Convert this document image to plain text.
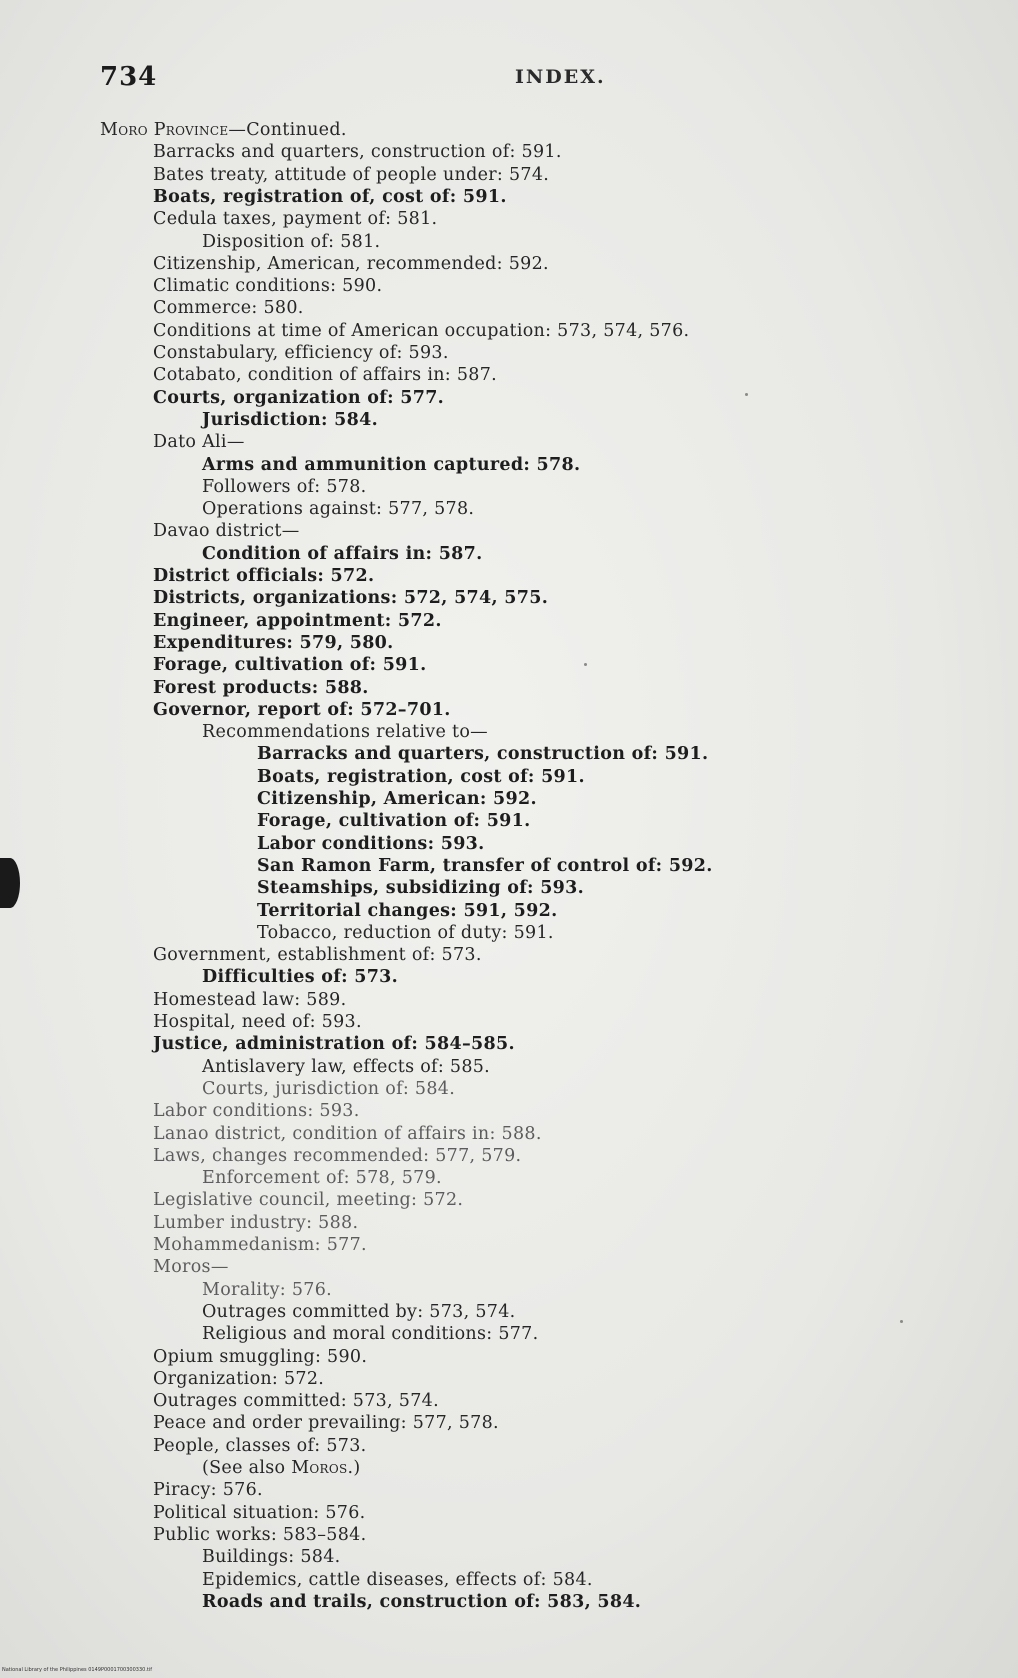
734	INDEX.
Moro Province—Continued.
Barracks and quarters, construction of: 591.
Bates treaty, attitude of people under: 574.
Boats, registration of, cost of: 591.
Cedula taxes, payment of: 581.
Disposition of: 581.
Citizenship, American, recommended: 592.
Climatic conditions: 590.
Commerce: 580.
Conditions at time of American occupation: 573, 574, 576.
Constabulary, efficiency of: 593.
Cotabato, condition of affairs in: 587.
Courts, organization of: 577.
Jurisdiction: 584.
Dato Ali—
Arms and ammunition captured: 578.
Followers of: 578.
Operations against: 577, 578.
Davao district—
Condition of affairs in: 587.
District officials: 572.
Districts, organizations: 572, 574, 575.
Engineer, appointment: 572.
Expenditures: 579, 580.
Forage, cultivation of: 591.
Forest products: 588.
Governor, report of: 572–701.
Recommendations relative to—
Barracks and quarters, construction of: 591.
Boats, registration, cost of: 591.
Citizenship, American: 592.
Forage, cultivation of: 591.
Labor conditions: 593.
San Ramon Farm, transfer of control of: 592.
Steamships, subsidizing of: 593.
Territorial changes: 591, 592.
Tobacco, reduction of duty: 591.
Government, establishment of: 573.
Difficulties of: 573.
Homestead law: 589.
Hospital, need of: 593.
Justice, administration of: 584–585.
Antislavery law, effects of: 585.
Courts, jurisdiction of: 584.
Labor conditions: 593.
Lanao district, condition of affairs in: 588.
Laws, changes recommended: 577, 579.
Enforcement of: 578, 579.
Legislative council, meeting: 572.
Lumber industry: 588.
Mohammedanism: 577.
Moros—
Morality: 576.
Outrages committed by: 573, 574.
Religious and moral conditions: 577.
Opium smuggling: 590.
Organization: 572.
Outrages committed: 573, 574.
Peace and order prevailing: 577, 578.
People, classes of: 573.
(See also Moros.)
Piracy: 576.
Political situation: 576.
Public works: 583–584.
Buildings: 584.
Epidemics, cattle diseases, effects of: 584.
Roads and trails, construction of: 583, 584.
National Library of the Philippines 0149P0001700300330.tif
